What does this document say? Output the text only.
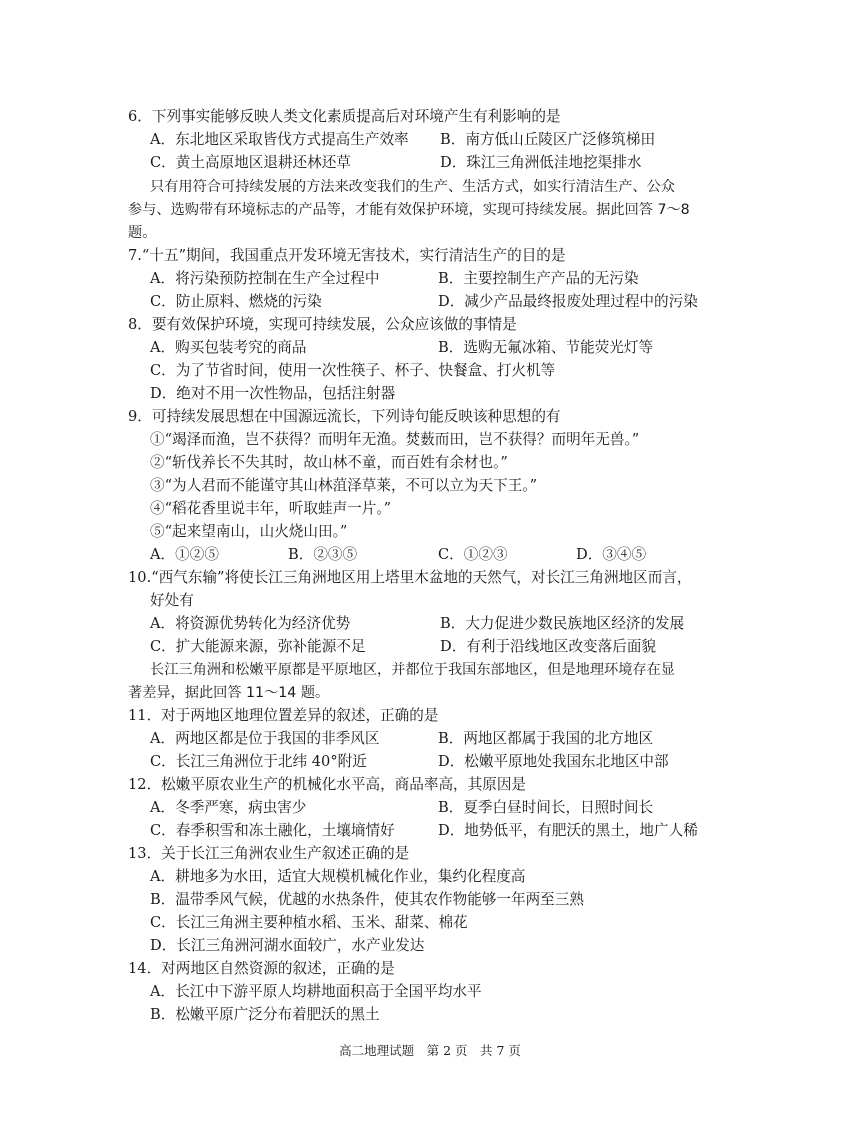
6．下列事实能够反映人类文化素质提高后对环境产生有利影响的是
A．东北地区采取皆伐方式提高生产效率 B．南方低山丘陵区广泛修筑梯田
C．黄土高原地区退耕还林还草	D．珠江三角洲低洼地挖渠排水
只有用符合可持续发展的方法来改变我们的生产、生活方式，如实行清洁生产、公众
参与、选购带有环境标志的产品等，才能有效保护环境，实现可持续发展。据此回答 7～8
题。
7.“十五”期间，我国重点开发环境无害技术，实行清洁生产的目的是
A．将污染预防控制在生产全过程中	B．主要控制生产产品的无污染
C．防止原料、燃烧的污染	D．减少产品最终报废处理过程中的污染
8．要有效保护环境，实现可持续发展，公众应该做的事情是
A．购买包装考究的商品	B．选购无氟冰箱、节能荧光灯等
C．为了节省时间，使用一次性筷子、杯子、快餐盒、打火机等
D．绝对不用一次性物品，包括注射器
9．可持续发展思想在中国源远流长，下列诗句能反映该种思想的有
①“竭泽而渔，岂不获得？而明年无渔。焚薮而田，岂不获得？而明年无兽。”
②“斩伐养长不失其时，故山林不童，而百姓有余材也。”
③“为人君而不能谨守其山林菹泽草莱，不可以立为天下王。”
④“稻花香里说丰年，听取蛙声一片。”
⑤“起来望南山，山火烧山田。”
A．①②⑤	B．②③⑤	C．①②③	D．③④⑤
10.“西气东输”将使长江三角洲地区用上塔里木盆地的天然气，对长江三角洲地区而言，
好处有
A．将资源优势转化为经济优势	B．大力促进少数民族地区经济的发展
C．扩大能源来源，弥补能源不足	D．有利于沿线地区改变落后面貌
长江三角洲和松嫩平原都是平原地区，并都位于我国东部地区，但是地理环境存在显
著差异，据此回答 11～14 题。
11．对于两地区地理位置差异的叙述，正确的是
A．两地区都是位于我国的非季风区	B．两地区都属于我国的北方地区
C．长江三角洲位于北纬 40°附近	D．松嫩平原地处我国东北地区中部
12．松嫩平原农业生产的机械化水平高，商品率高，其原因是
A．冬季严寒，病虫害少	B．夏季白昼时间长，日照时间长
C．春季积雪和冻土融化，土壤墒情好	D．地势低平，有肥沃的黑土，地广人稀
13．关于长江三角洲农业生产叙述正确的是
A．耕地多为水田，适宜大规模机械化作业，集约化程度高
B．温带季风气候，优越的水热条件，使其农作物能够一年两至三熟
C．长江三角洲主要种植水稻、玉米、甜菜、棉花
D．长江三角洲河湖水面较广，水产业发达
14．对两地区自然资源的叙述，正确的是
A．长江中下游平原人均耕地面积高于全国平均水平
B．松嫩平原广泛分布着肥沃的黑土
高二地理试题　第 2 页　共 7 页
